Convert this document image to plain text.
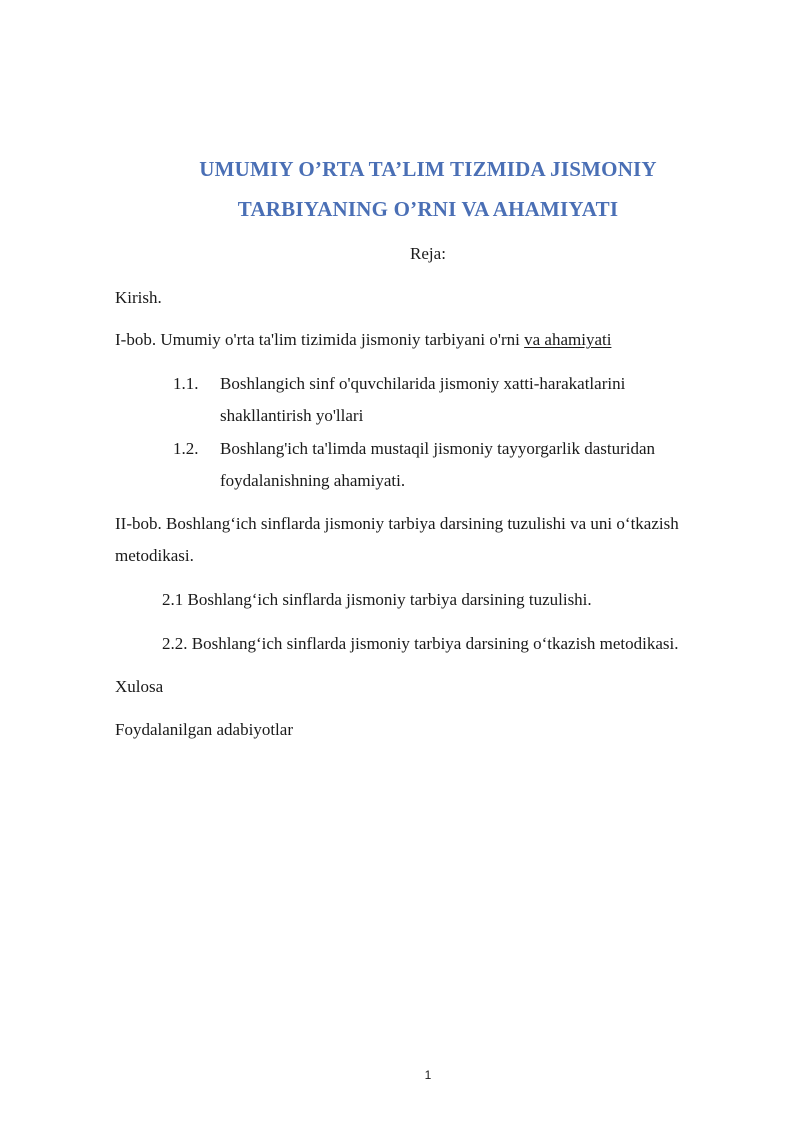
UMUMIY O’RTA TA’LIM TIZMIDA JISMONIY

TARBIYANING O’RNI VA AHAMIYATI

Reja:

Kirish.

I-bob. Umumiy o'rta ta'lim tizimida jismoniy tarbiyani o'rni va ahamiyati

1.1. Boshlangich sinf o'quvchilarida jismoniy xatti-harakatlarini

shakllantirish yo'llari

1.2. Boshlang'ich ta'limda mustaqil jismoniy tayyorgarlik dasturidan

foydalanishning ahamiyati.

II-bob. Boshlang‘ich sinflarda jismoniy tarbiya darsining tuzulishi va uni o‘tkazish

metodikasi.

2.1 Boshlang‘ich sinflarda jismoniy tarbiya darsining tuzulishi.

2.2. Boshlang‘ich sinflarda jismoniy tarbiya darsining o‘tkazish metodikasi.

Xulosa

Foydalanilgan adabiyotlar

1
